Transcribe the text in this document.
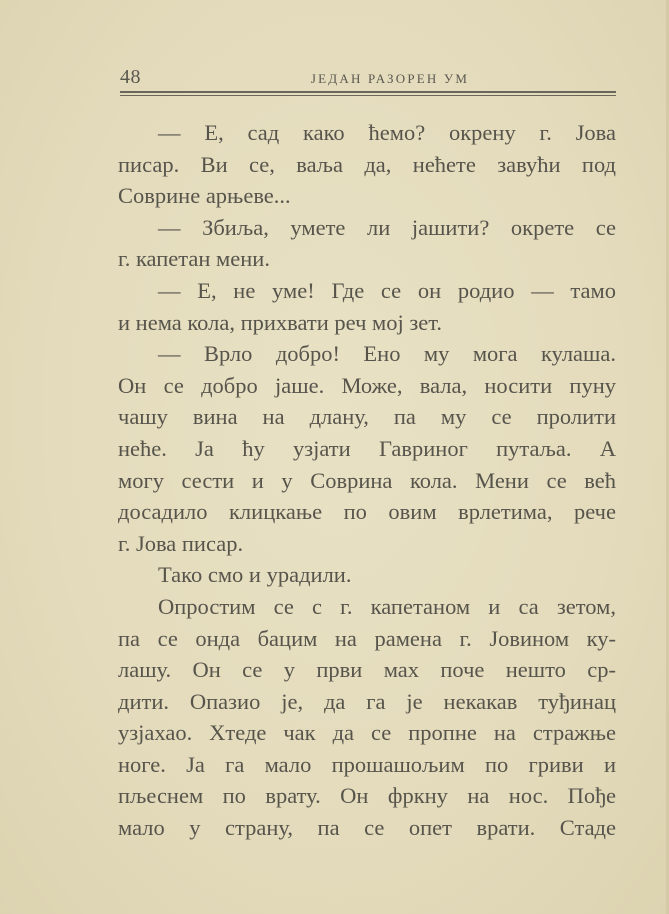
48	ЈЕДАН РАЗОРЕН УМ
— Е, сад како ћемо? окрену г. Јова
писар. Ви се, ваља да, нећете завући под
Соврине арњеве...
— Збиља, умете ли јашити? окрете се
г. капетан мени.
— Е, не уме! Где се он родио — тамо
и нема кола, прихвати реч мој зет.
— Врло добро! Ено му мога кулаша.
Он се добро јаше. Може, вала, носити пуну
чашу вина на длану, па му се пролити
неће. Ја ћу узјати Гавриног путаља. А
могу сести и у Соврина кола. Мени се већ
досадило клицкање по овим врлетима, рече
г. Јова писар.
Тако смо и урадили.
Опростим се с г. капетаном и са зетом,
па се онда бацим на рамена г. Јовином ку-
лашу. Он се у први мах поче нешто ср-
дити. Опазио је, да га је некакав туђинац
узјахао. Хтеде чак да се пропне на стражње
ноге. Ја га мало прошашољим по гриви и
пљеснем по врату. Он фркну на нос. Пође
мало у страну, па се опет врати. Стаде
